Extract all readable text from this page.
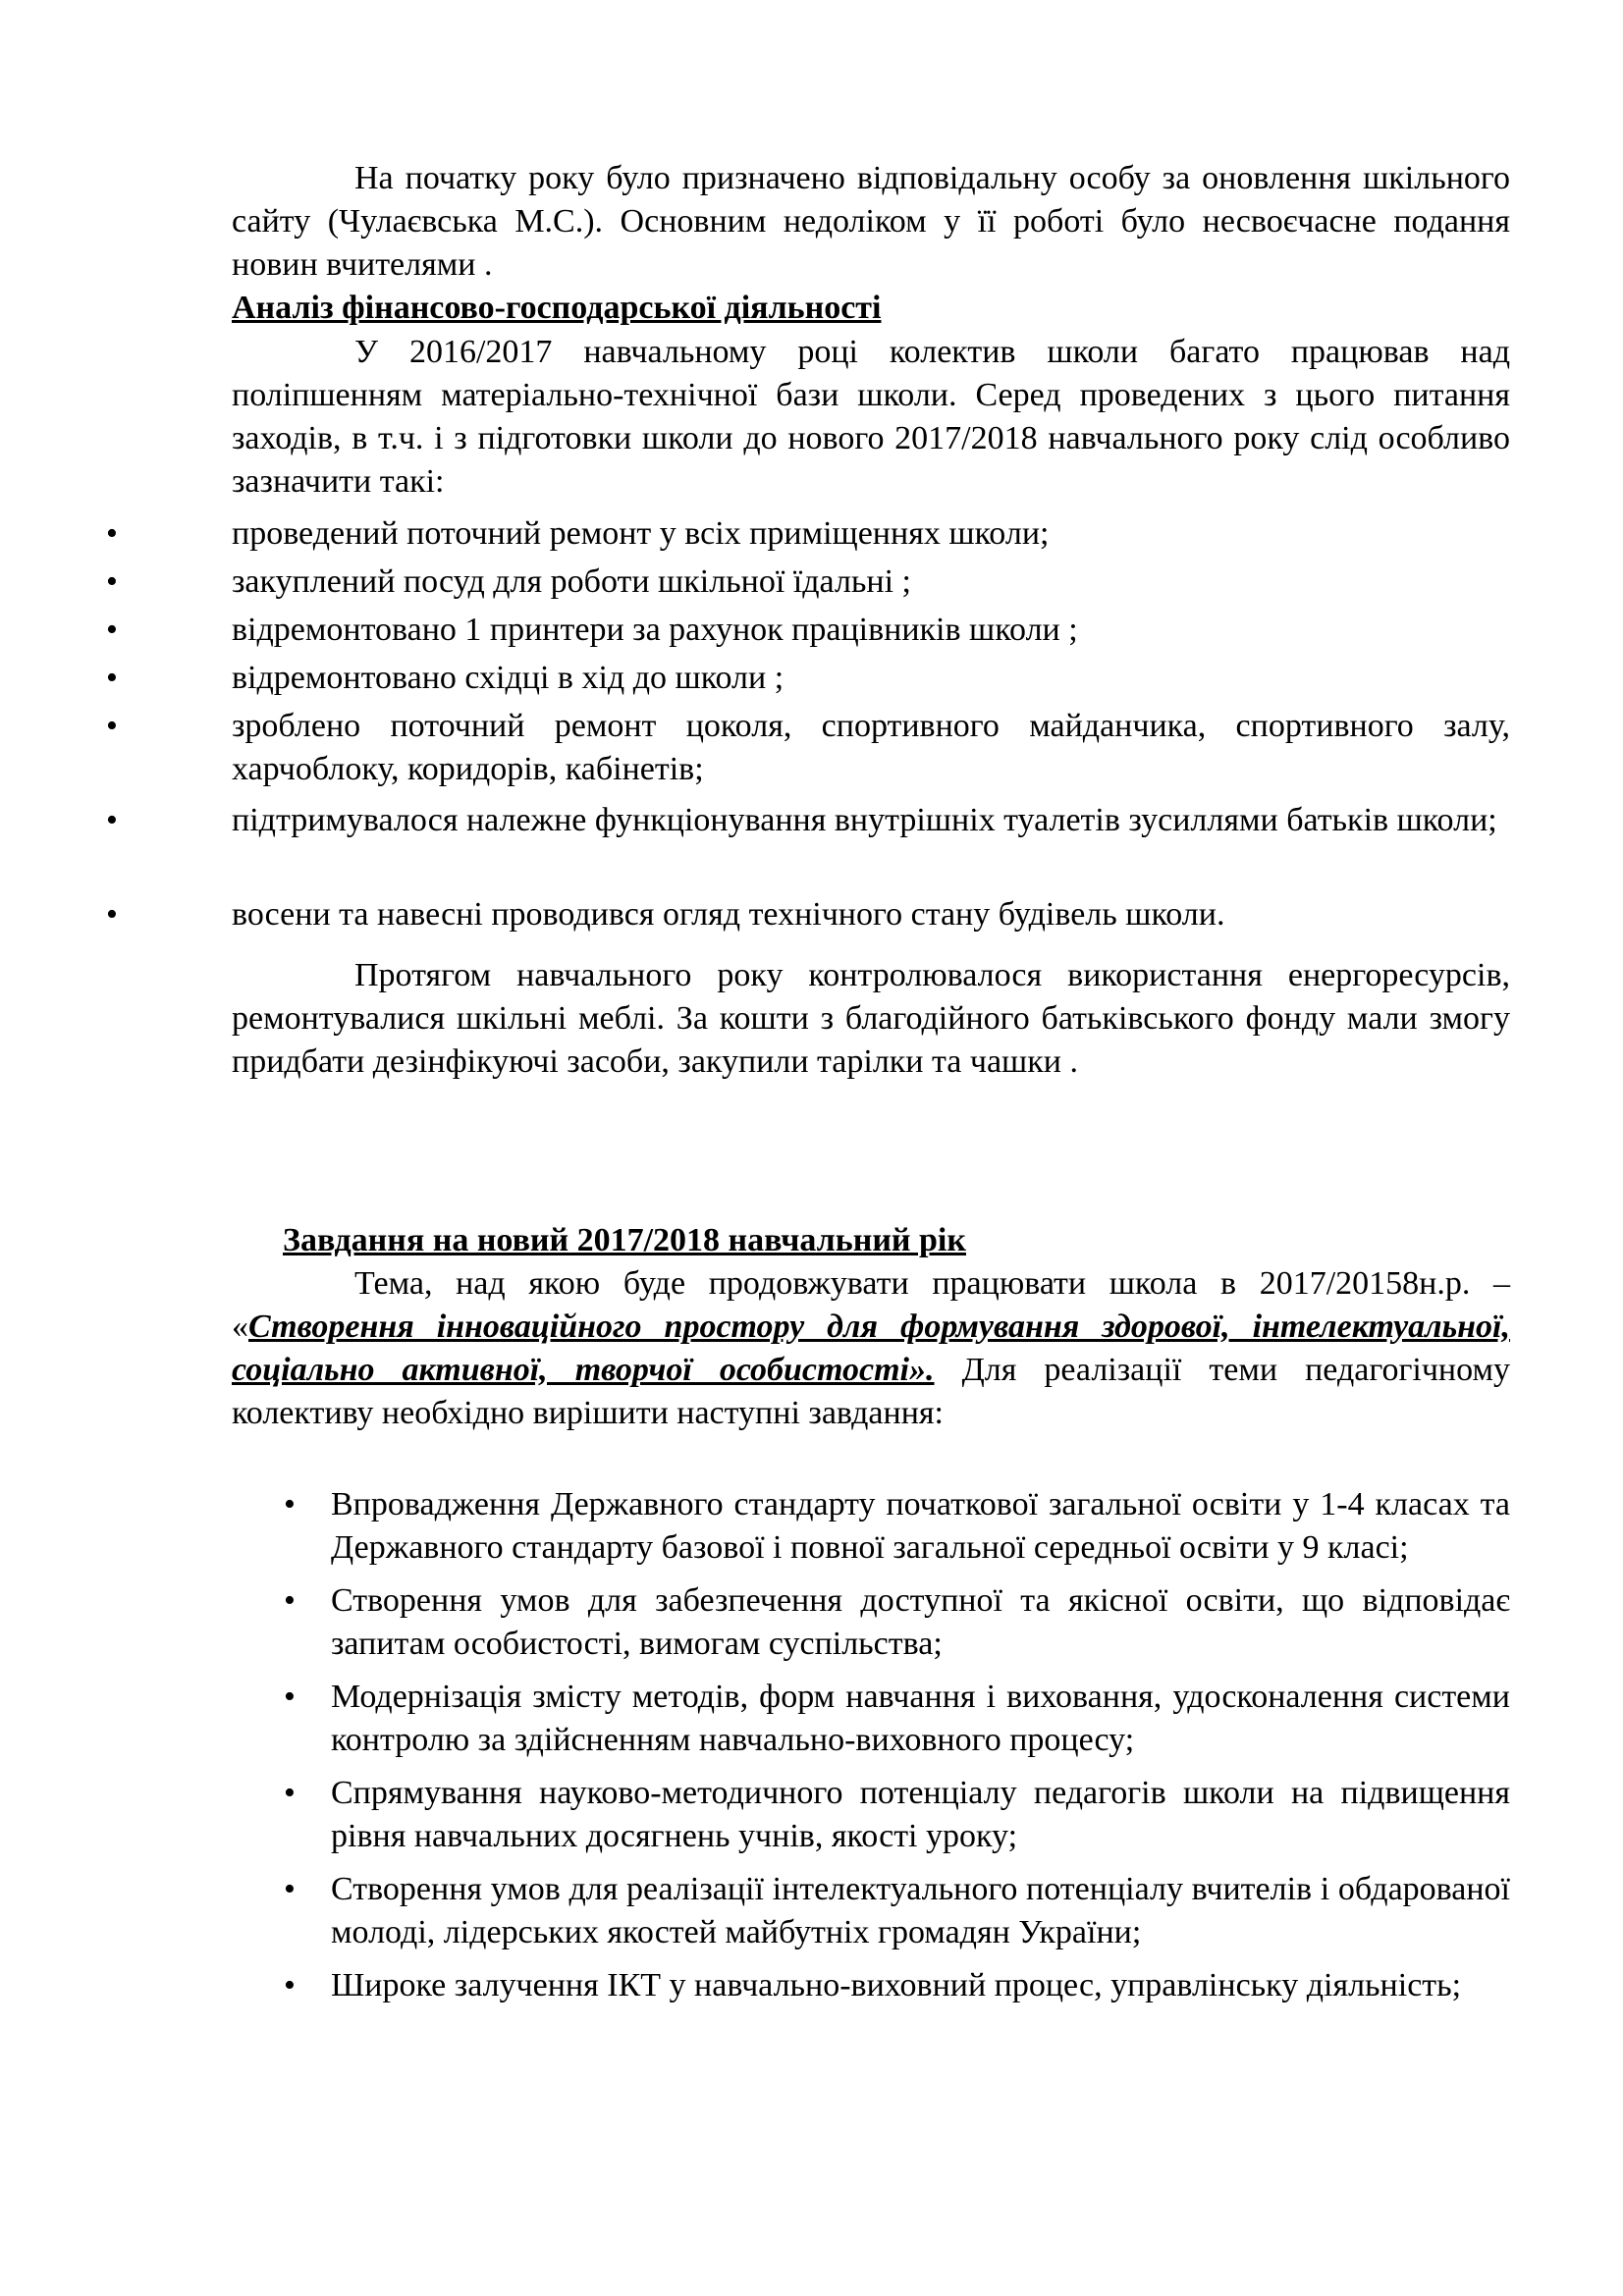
На початку року було призначено відповідальну особу за оновлення шкільного сайту (Чулаєвська М.С.). Основним недоліком у її роботі було несвоєчасне подання новин вчителями .

Аналіз фінансово-господарської діяльності

У 2016/2017 навчальному році колектив школи багато працював над поліпшенням матеріально-технічної бази школи. Серед проведених з цього питання заходів, в т.ч. і з підготовки школи до нового 2017/2018 навчального року слід особливо зазначити такі:

•	проведений поточний ремонт у всіх приміщеннях школи;
•	закуплений посуд для роботи шкільної їдальні ;
•	відремонтовано 1 принтери за рахунок працівників школи ;
•	відремонтовано східці в хід до школи ;
•	зроблено поточний ремонт цоколя, спортивного майданчика, спортивного залу, харчоблоку, коридорів, кабінетів;
•	підтримувалося належне функціонування внутрішніх туалетів зусиллями батьків школи;
•	восени та навесні проводився огляд технічного стану будівель школи.

Протягом навчального року контролювалося використання енергоресурсів, ремонтувалися шкільні меблі. За кошти з благодійного батьківського фонду мали змогу придбати дезінфікуючі засоби, закупили тарілки та чашки .

Завдання на новий 2017/2018 навчальний рік

Тема, над якою буде продовжувати працювати школа в 2017/20158н.р. – «Створення інноваційного простору для формування здорової, інтелектуальної, соціально активної, творчої особистості». Для реалізації теми педагогічному колективу необхідно вирішити наступні завдання:

• Впровадження Державного стандарту початкової загальної освіти у 1-4 класах та Державного стандарту базової і повної загальної середньої освіти у 9 класі;
• Створення умов для забезпечення доступної та якісної освіти, що відповідає запитам особистості, вимогам суспільства;
• Модернізація змісту методів, форм навчання і виховання, удосконалення системи контролю за здійсненням навчально-виховного процесу;
• Спрямування науково-методичного потенціалу педагогів школи на підвищення рівня навчальних досягнень учнів, якості уроку;
• Створення умов для реалізації інтелектуального потенціалу вчителів і обдарованої молоді, лідерських якостей майбутніх громадян України;
• Широке залучення ІКТ у навчально-виховний процес, управлінську діяльність;
